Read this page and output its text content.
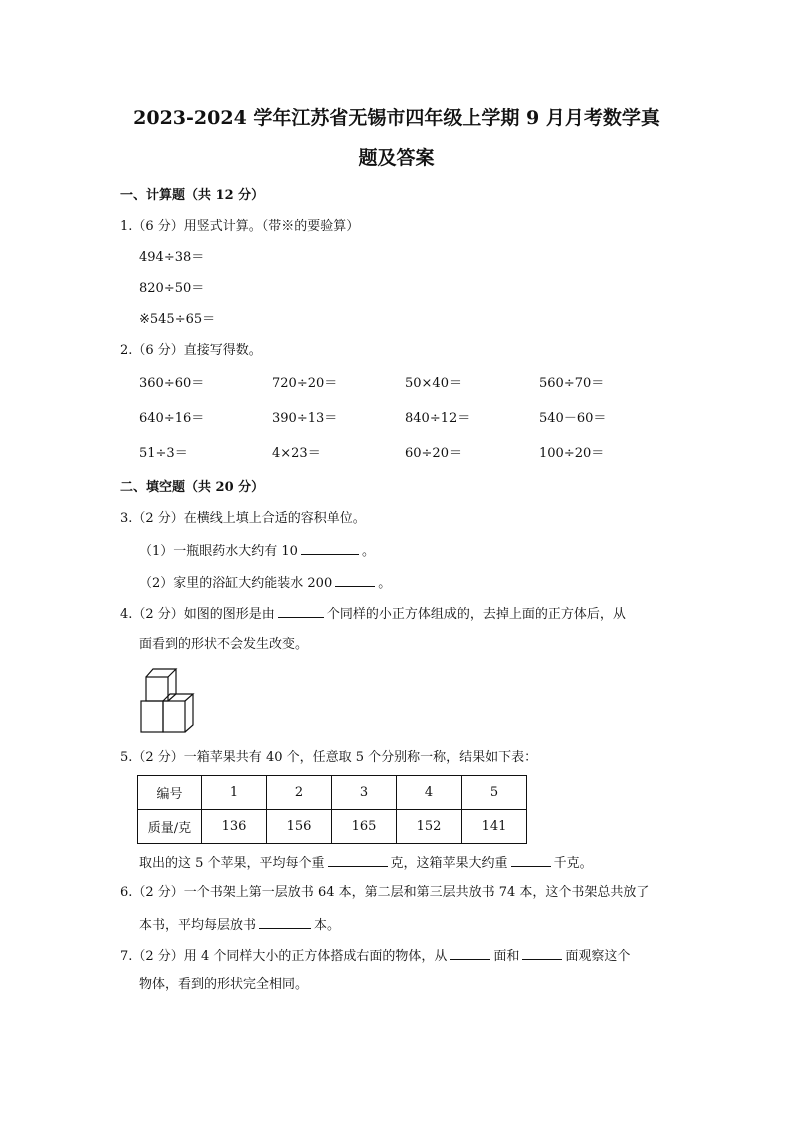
2023-2024 学年江苏省无锡市四年级上学期 9 月月考数学真
题及答案
一、计算题（共 12 分）
1.（6 分）用竖式计算。（带※的要验算）
494÷38＝
820÷50＝
※545÷65＝
2.（6 分）直接写得数。
360÷60＝	720÷20＝	50×40＝	560÷70＝
640÷16＝	390÷13＝	840÷12＝	540－60＝
51÷3＝	4×23＝	60÷20＝	100÷20＝
二、填空题（共 20 分）
3.（2 分）在横线上填上合适的容积单位。
（1）一瓶眼药水大约有 10	。
（2）家里的浴缸大约能装水 200	。
4.（2 分）如图的图形是由	个同样的小正方体组成的，去掉上面的正方体后，从
面看到的形状不会发生改变。
5.（2 分）一箱苹果共有 40 个，任意取 5 个分别称一称，结果如下表：
编号	1	2	3	4	5
质量/克	136	156	165	152	141
取出的这 5 个苹果，平均每个重	克，这箱苹果大约重	千克。
6.（2 分）一个书架上第一层放书 64 本，第二层和第三层共放书 74 本，这个书架总共放了
本书，平均每层放书	本。
7.（2 分）用 4 个同样大小的正方体搭成右面的物体，从	面和	面观察这个
物体，看到的形状完全相同。
